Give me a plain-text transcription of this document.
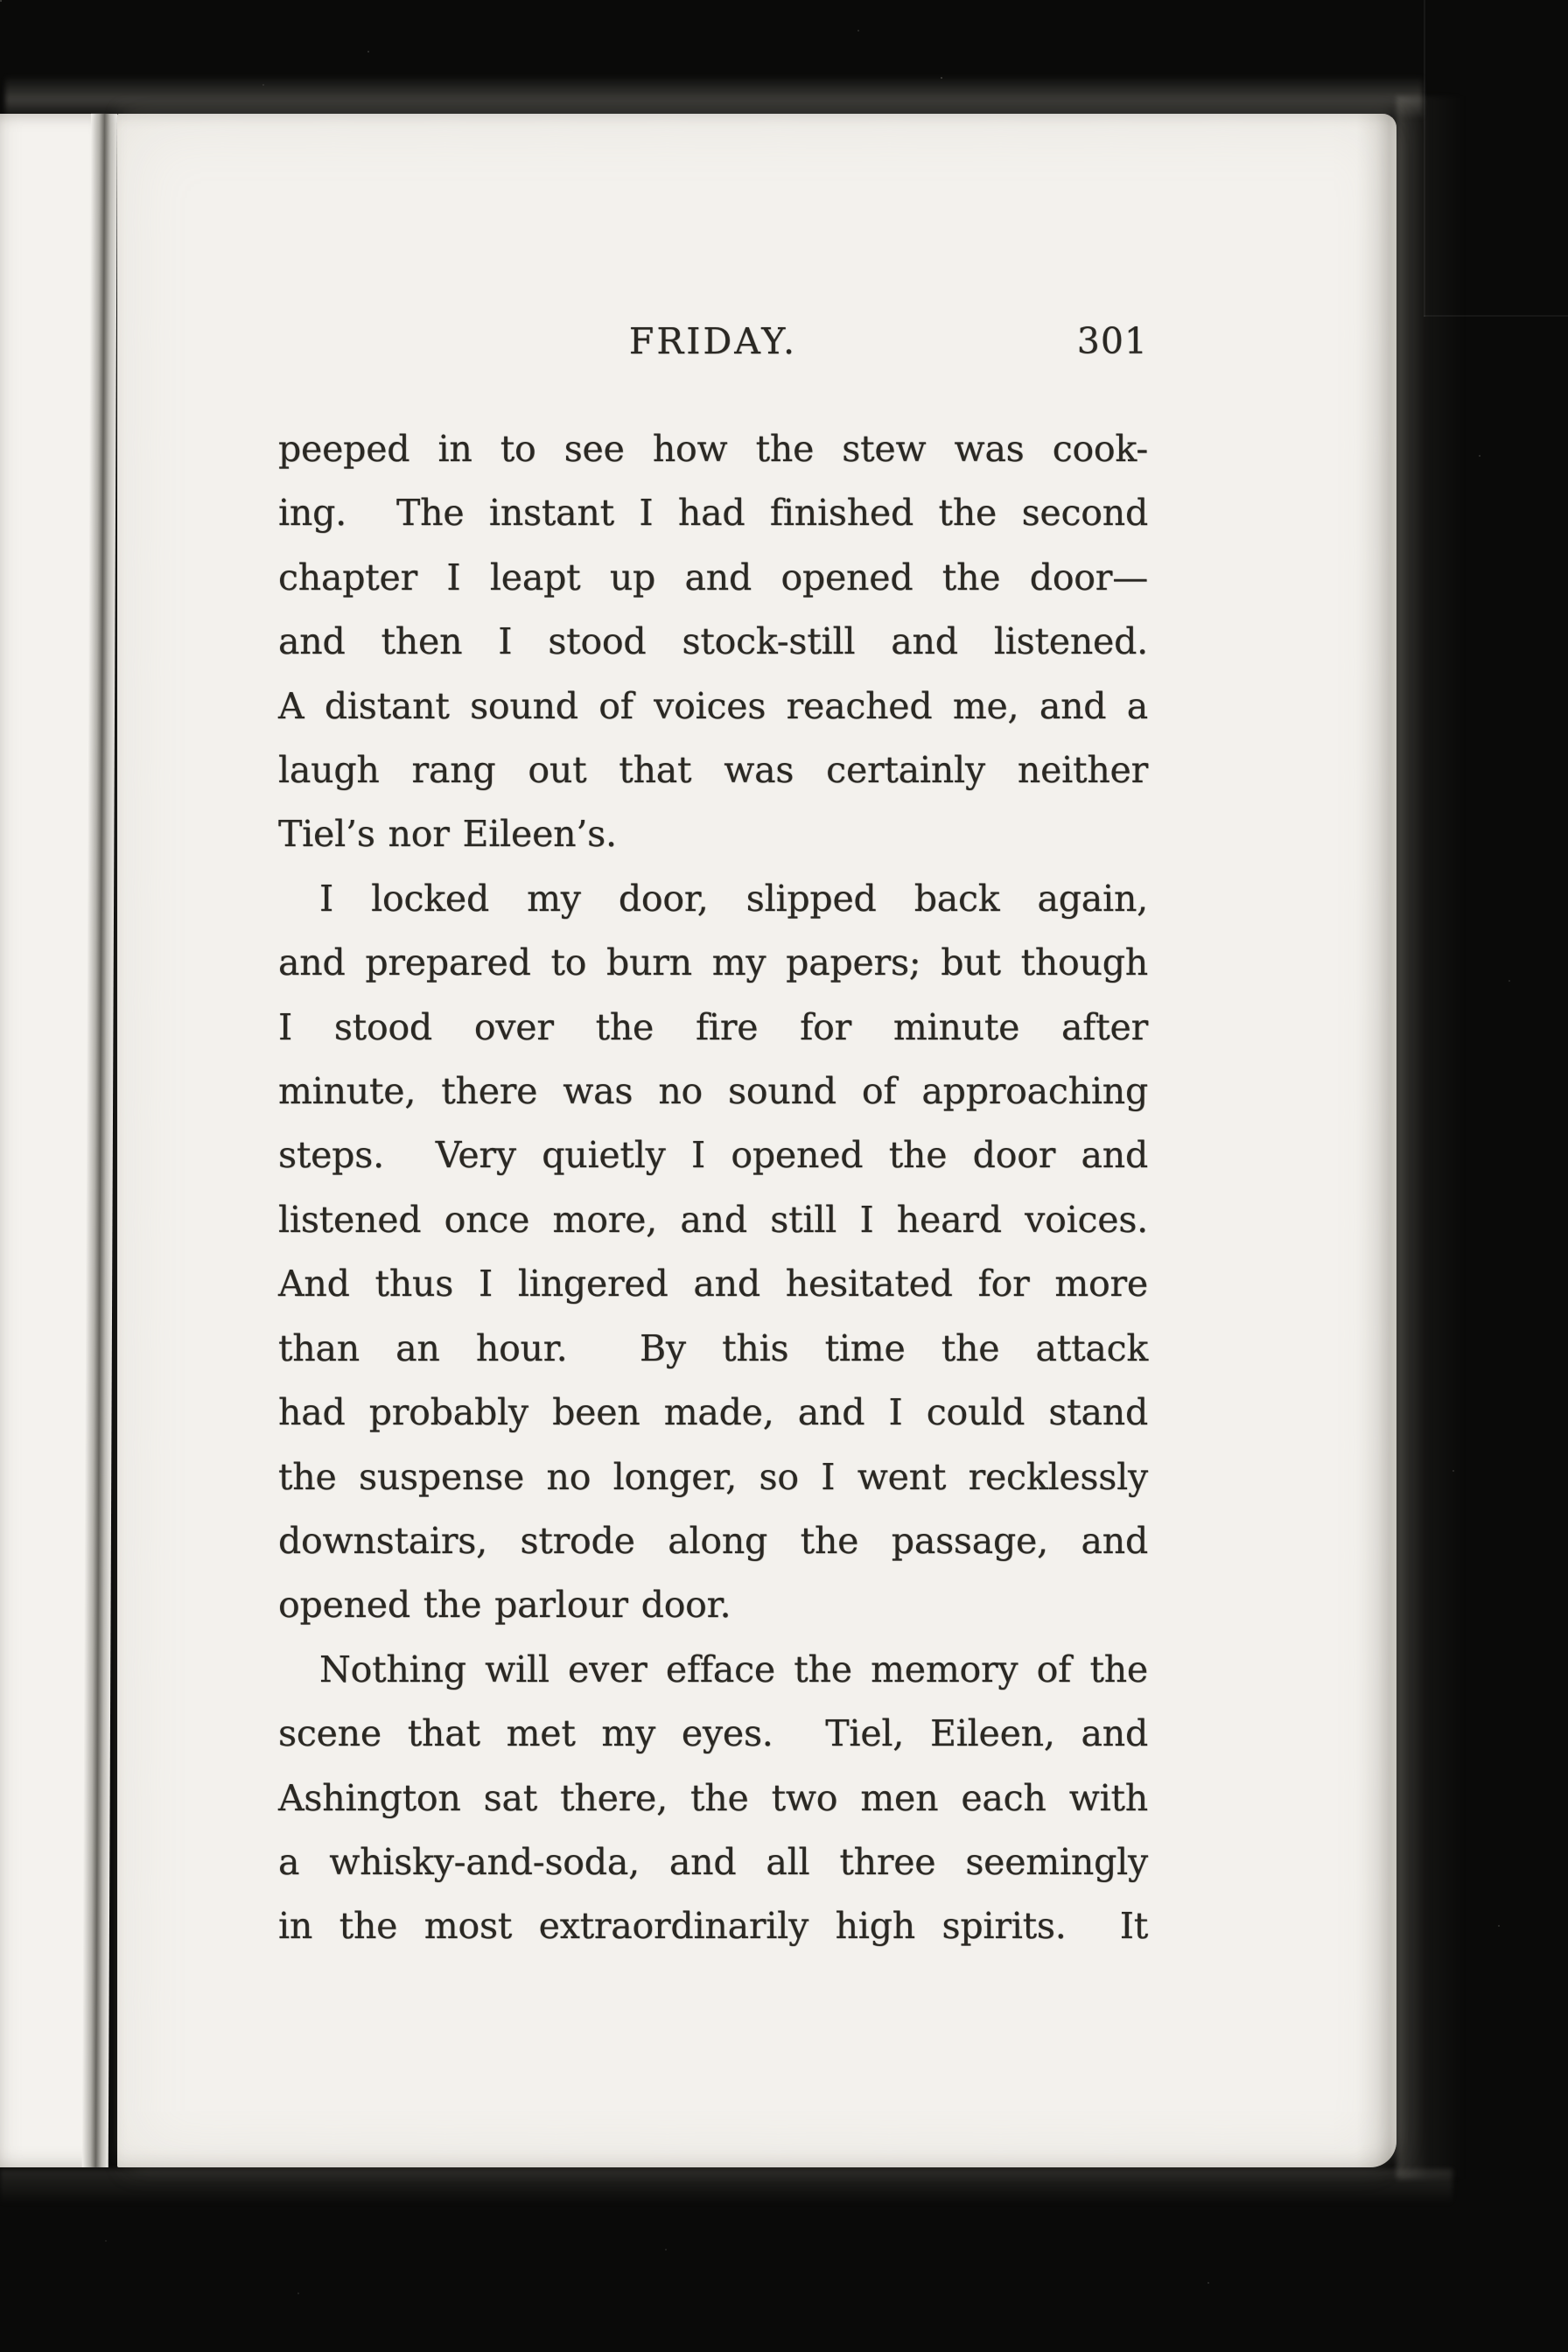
FRIDAY.	301
peeped in to see how the stew was cook-
ing.  The instant I had finished the second
chapter I leapt up and opened the door—
and then I stood stock-still and listened.
A distant sound of voices reached me, and a
laugh rang out that was certainly neither
Tiel’s nor Eileen’s.
I locked my door, slipped back again,
and prepared to burn my papers; but though
I stood over the fire for minute after
minute, there was no sound of approaching
steps.  Very quietly I opened the door and
listened once more, and still I heard voices.
And thus I lingered and hesitated for more
than an hour.  By this time the attack
had probably been made, and I could stand
the suspense no longer, so I went recklessly
downstairs, strode along the passage, and
opened the parlour door.
Nothing will ever efface the memory of the
scene that met my eyes.  Tiel, Eileen, and
Ashington sat there, the two men each with
a whisky-and-soda, and all three seemingly
in the most extraordinarily high spirits.  It
